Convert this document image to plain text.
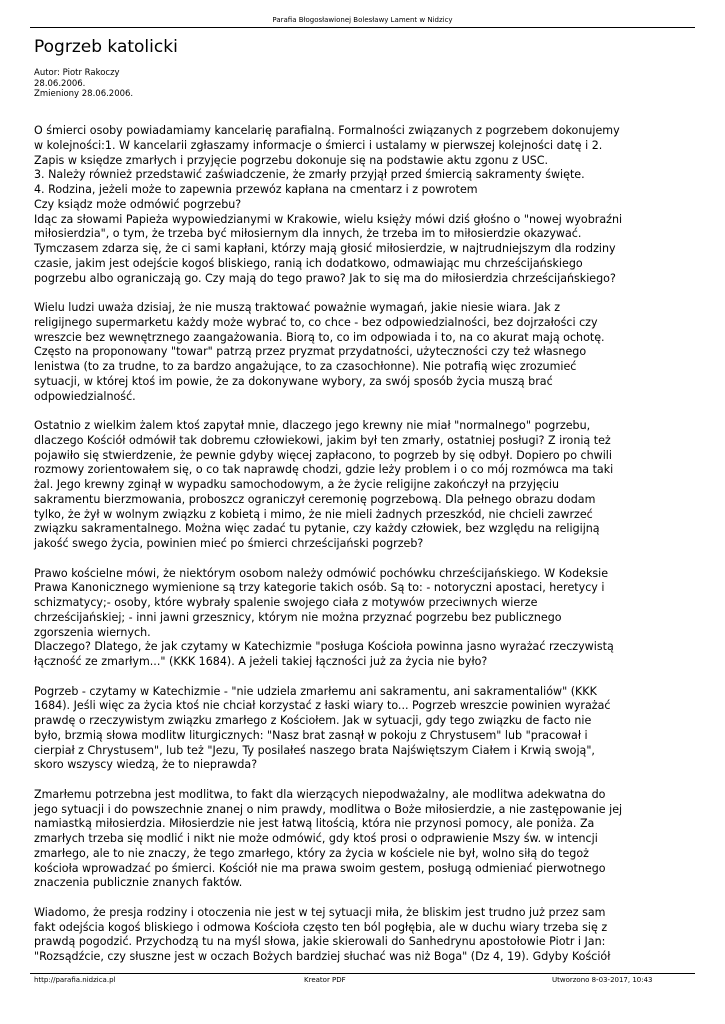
Parafia Błogosławionej Bolesławy Lament w Nidzicy
Pogrzeb katolicki
Autor: Piotr Rakoczy
28.06.2006.
Zmieniony 28.06.2006.

O śmierci osoby powiadamiamy kancelarię parafialną. Formalności związanych z pogrzebem dokonujemy
w kolejności:1. W kancelarii zgłaszamy informacje o śmierci i ustalamy w pierwszej kolejności datę i 2.
Zapis w księdze zmarłych i przyjęcie pogrzebu dokonuje się na podstawie aktu zgonu z USC.
3. Należy również przedstawić zaświadczenie, że zmarły przyjął przed śmiercią sakramenty święte.
4. Rodzina, jeżeli może to zapewnia przewóz kapłana na cmentarz i z powrotem
Czy ksiądz może odmówić pogrzebu?
Idąc za słowami Papieża wypowiedzianymi w Krakowie, wielu księży mówi dziś głośno o "nowej wyobraźni
miłosierdzia", o tym, że trzeba być miłosiernym dla innych, że trzeba im to miłosierdzie okazywać.
Tymczasem zdarza się, że ci sami kapłani, którzy mają głosić miłosierdzie, w najtrudniejszym dla rodziny
czasie, jakim jest odejście kogoś bliskiego, ranią ich dodatkowo, odmawiając mu chrześcijańskiego
pogrzebu albo ograniczają go. Czy mają do tego prawo? Jak to się ma do miłosierdzia chrześcijańskiego?

Wielu ludzi uważa dzisiaj, że nie muszą traktować poważnie wymagań, jakie niesie wiara. Jak z
religijnego supermarketu każdy może wybrać to, co chce - bez odpowiedzialności, bez dojrzałości czy
wreszcie bez wewnętrznego zaangażowania. Biorą to, co im odpowiada i to, na co akurat mają ochotę.
Często na proponowany "towar" patrzą przez pryzmat przydatności, użyteczności czy też własnego
lenistwa (to za trudne, to za bardzo angażujące, to za czasochłonne). Nie potrafią więc zrozumieć
sytuacji, w której ktoś im powie, że za dokonywane wybory, za swój sposób życia muszą brać
odpowiedzialność.

Ostatnio z wielkim żalem ktoś zapytał mnie, dlaczego jego krewny nie miał "normalnego" pogrzebu,
dlaczego Kościół odmówił tak dobremu człowiekowi, jakim był ten zmarły, ostatniej posługi? Z ironią też
pojawiło się stwierdzenie, że pewnie gdyby więcej zapłacono, to pogrzeb by się odbył. Dopiero po chwili
rozmowy zorientowałem się, o co tak naprawdę chodzi, gdzie leży problem i o co mój rozmówca ma taki
żal. Jego krewny zginął w wypadku samochodowym, a że życie religijne zakończył na przyjęciu
sakramentu bierzmowania, proboszcz ograniczył ceremonię pogrzebową. Dla pełnego obrazu dodam
tylko, że żył w wolnym związku z kobietą i mimo, że nie mieli żadnych przeszkód, nie chcieli zawrzeć
związku sakramentalnego. Można więc zadać tu pytanie, czy każdy człowiek, bez względu na religijną
jakość swego życia, powinien mieć po śmierci chrześcijański pogrzeb?

Prawo kościelne mówi, że niektórym osobom należy odmówić pochówku chrześcijańskiego. W Kodeksie
Prawa Kanonicznego wymienione są trzy kategorie takich osób. Są to: - notoryczni apostaci, heretycy i
schizmatycy;- osoby, które wybrały spalenie swojego ciała z motywów przeciwnych wierze
chrześcijańskiej; - inni jawni grzesznicy, którym nie można przyznać pogrzebu bez publicznego
zgorszenia wiernych.
Dlaczego? Dlatego, że jak czytamy w Katechizmie "posługa Kościoła powinna jasno wyrażać rzeczywistą
łączność ze zmarłym..." (KKK 1684). A jeżeli takiej łączności już za życia nie było?

Pogrzeb - czytamy w Katechizmie - "nie udziela zmarłemu ani sakramentu, ani sakramentaliów" (KKK
1684). Jeśli więc za życia ktoś nie chciał korzystać z łaski wiary to... Pogrzeb wreszcie powinien wyrażać
prawdę o rzeczywistym związku zmarłego z Kościołem. Jak w sytuacji, gdy tego związku de facto nie
było, brzmią słowa modlitw liturgicznych: "Nasz brat zasnął w pokoju z Chrystusem" lub "pracował i
cierpiał z Chrystusem", lub też "Jezu, Ty posilałeś naszego brata Najświętszym Ciałem i Krwią swoją",
skoro wszyscy wiedzą, że to nieprawda?

Zmarłemu potrzebna jest modlitwa, to fakt dla wierzących niepodważalny, ale modlitwa adekwatna do
jego sytuacji i do powszechnie znanej o nim prawdy, modlitwa o Boże miłosierdzie, a nie zastępowanie jej
namiastką miłosierdzia. Miłosierdzie nie jest łatwą litością, która nie przynosi pomocy, ale poniża. Za
zmarłych trzeba się modlić i nikt nie może odmówić, gdy ktoś prosi o odprawienie Mszy św. w intencji
zmarłego, ale to nie znaczy, że tego zmarłego, który za życia w kościele nie był, wolno siłą do tegoż
kościoła wprowadzać po śmierci. Kościół nie ma prawa swoim gestem, posługą odmieniać pierwotnego
znaczenia publicznie znanych faktów.

Wiadomo, że presja rodziny i otoczenia nie jest w tej sytuacji miła, że bliskim jest trudno już przez sam
fakt odejścia kogoś bliskiego i odmowa Kościoła często ten ból pogłębia, ale w duchu wiary trzeba się z
prawdą pogodzić. Przychodzą tu na myśl słowa, jakie skierowali do Sanhedrynu apostołowie Piotr i Jan:
"Rozsądźcie, czy słuszne jest w oczach Bożych bardziej słuchać was niż Boga" (Dz 4, 19). Gdyby Kościół

http://parafia.nidzica.pl	Kreator PDF	Utworzono 8-03-2017, 10:43
